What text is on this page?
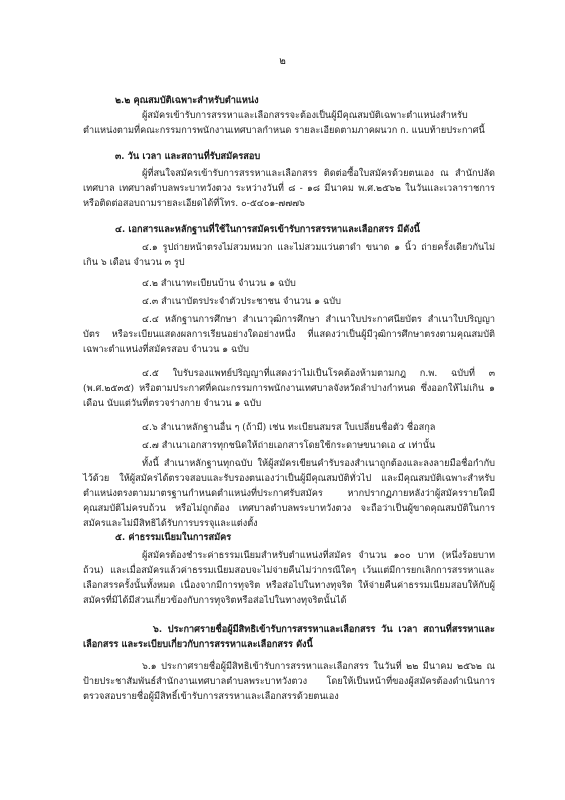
๒

๒.๒ คุณสมบัติเฉพาะสำหรับตำแหน่ง

ผู้สมัครเข้ารับการสรรหาและเลือกสรรจะต้องเป็นผู้มีคุณสมบัติเฉพาะตำแหน่งสำหรับตำแหน่งตามที่คณะกรรมการพนักงานเทศบาลกำหนด รายละเอียดตามภาคผนวก ก. แนบท้ายประกาศนี้

๓. วัน เวลา และสถานที่รับสมัครสอบ

ผู้ที่สนใจสมัครเข้ารับการสรรหาและเลือกสรร ติดต่อซื้อใบสมัครด้วยตนเอง ณ สำนักปลัดเทศบาล เทศบาลตำบลพระบาทวังตวง ระหว่างวันที่ ๘ - ๑๘ มีนาคม พ.ศ.๒๕๖๒ ในวันและเวลาราชการ หรือติดต่อสอบถามรายละเอียดได้ที่โทร. ๐-๕๔๐๑-๗๗๗๖

๔. เอกสารและหลักฐานที่ใช้ในการสมัครเข้ารับการสรรหาและเลือกสรร มีดังนี้

๔.๑ รูปถ่ายหน้าตรงไม่สวมหมวก และไม่สวมแว่นตาดำ ขนาด ๑ นิ้ว ถ่ายครั้งเดียวกันไม่เกิน ๖ เดือน จำนวน ๓ รูป

๔.๒ สำเนาทะเบียนบ้าน จำนวน ๑ ฉบับ

๔.๓ สำเนาบัตรประจำตัวประชาชน จำนวน ๑ ฉบับ

๔.๔ หลักฐานการศึกษา สำเนาวุฒิการศึกษา สำเนาใบประกาศนียบัตร สำเนาใบปริญญาบัตร หรือระเบียนแสดงผลการเรียนอย่างใดอย่างหนึ่ง ที่แสดงว่าเป็นผู้มีวุฒิการศึกษาตรงตามคุณสมบัติเฉพาะตำแหน่งที่สมัครสอบ จำนวน ๑ ฉบับ

๔.๕ ใบรับรองแพทย์ปริญญาที่แสดงว่าไม่เป็นโรคต้องห้ามตามกฎ ก.พ. ฉบับที่ ๓ (พ.ศ.๒๕๓๕) หรือตามประกาศที่คณะกรรมการพนักงานเทศบาลจังหวัดลำปางกำหนด ซึ่งออกให้ไม่เกิน ๑ เดือน นับแต่วันที่ตรวจร่างกาย จำนวน ๑ ฉบับ

๔.๖ สำเนาหลักฐานอื่น ๆ (ถ้ามี) เช่น ทะเบียนสมรส ใบเปลี่ยนชื่อตัว ชื่อสกุล

๔.๗ สำเนาเอกสารทุกชนิดให้ถ่ายเอกสารโดยใช้กระดาษขนาดเอ ๔ เท่านั้น

ทั้งนี้ สำเนาหลักฐานทุกฉบับ ให้ผู้สมัครเขียนคำรับรองสำเนาถูกต้องและลงลายมือชื่อกำกับไว้ด้วย ให้ผู้สมัครได้ตรวจสอบและรับรองตนเองว่าเป็นผู้มีคุณสมบัติทั่วไป และมีคุณสมบัติเฉพาะสำหรับตำแหน่งตรงตามมาตรฐานกำหนดตำแหน่งที่ประกาศรับสมัคร หากปรากฏภายหลังว่าผู้สมัครรายใดมีคุณสมบัติไม่ครบถ้วน หรือไม่ถูกต้อง เทศบาลตำบลพระบาทวังตวง จะถือว่าเป็นผู้ขาดคุณสมบัติในการสมัครและไม่มีสิทธิได้รับการบรรจุและแต่งตั้ง

๕. ค่าธรรมเนียมในการสมัคร

ผู้สมัครต้องชำระค่าธรรมเนียมสำหรับตำแหน่งที่สมัคร จำนวน ๑๐๐ บาท (หนึ่งร้อยบาทถ้วน) และเมื่อสมัครแล้วค่าธรรมเนียมสอบจะไม่จ่ายคืนไม่ว่ากรณีใดๆ เว้นแต่มีการยกเลิกการสรรหาและเลือกสรรครั้งนั้นทั้งหมด เนื่องจากมีการทุจริต หรือส่อไปในทางทุจริต ให้จ่ายคืนค่าธรรมเนียมสอบให้กับผู้สมัครที่มิได้มีส่วนเกี่ยวข้องกับการทุจริตหรือส่อไปในทางทุจริตนั้นได้

๖. ประกาศรายชื่อผู้มีสิทธิเข้ารับการสรรหาและเลือกสรร วัน เวลา สถานที่สรรหาและเลือกสรร และระเบียบเกี่ยวกับการสรรหาและเลือกสรร ดังนี้

๖.๑ ประกาศรายชื่อผู้มีสิทธิเข้ารับการสรรหาและเลือกสรร ในวันที่ ๒๒ มีนาคม ๒๕๖๒ ณ ป้ายประชาสัมพันธ์สำนักงานเทศบาลตำบลพระบาทวังตวง โดยให้เป็นหน้าที่ของผู้สมัครต้องดำเนินการตรวจสอบรายชื่อผู้มีสิทธิ์เข้ารับการสรรหาและเลือกสรรด้วยตนเอง
